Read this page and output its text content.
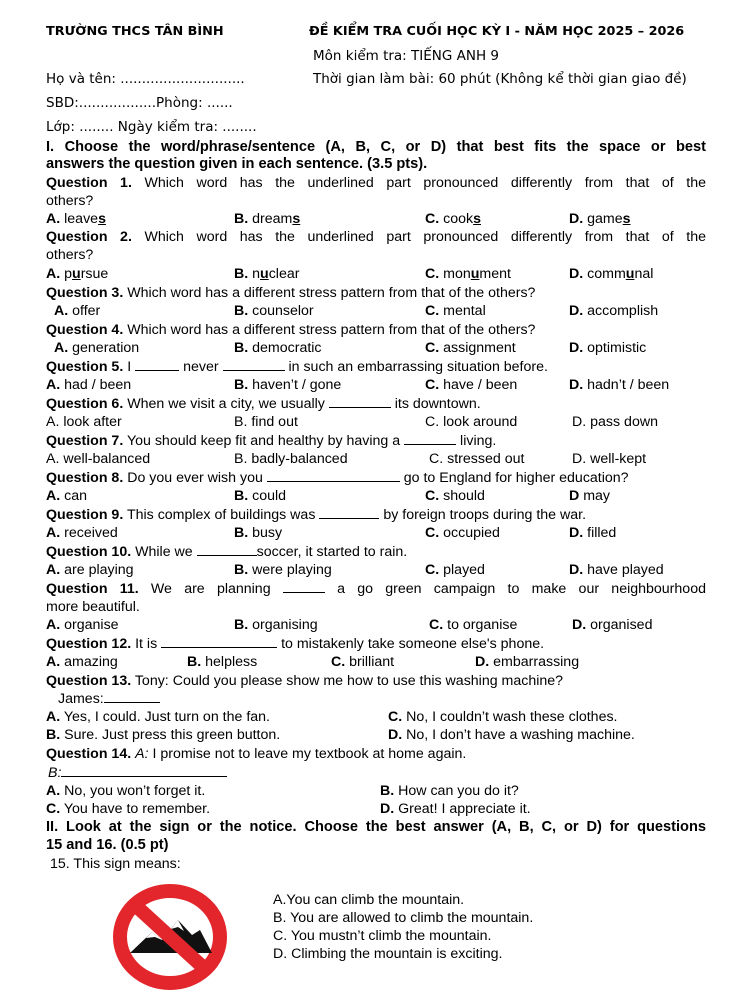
TRƯỜNG THCS TÂN BÌNH	ĐỀ KIỂM TRA CUỐI HỌC KỲ I - NĂM HỌC 2025 – 2026
Môn kiểm tra: TIẾNG ANH 9
Họ và tên: .............................	Thời gian làm bài: 60 phút (Không kể thời gian giao đề)
SBD:..................Phòng: ......
Lớp: ........ Ngày kiểm tra: ........
I. Choose the word/phrase/sentence (A, B, C, or D) that best fits the space or best
answers the question given in each sentence. (3.5 pts).
Question 1. Which word has the underlined part pronounced differently from that of the
others?
A. leaves	B. dreams	C. cooks	D. games
Question 2. Which word has the underlined part pronounced differently from that of the
others?
A. pursue	B. nuclear	C. monument	D. communal
Question 3. Which word has a different stress pattern from that of the others?
A. offer	B. counselor	C. mental	D. accomplish
Question 4. Which word has a different stress pattern from that of the others?
A. generation	B. democratic	C. assignment	D. optimistic
Question 5. I	never	in such an embarrassing situation before.
A. had / been	B. haven’t / gone	C. have / been	D. hadn’t / been
Question 6. When we visit a city, we usually	its downtown.
A. look after	B. find out	C. look around	D. pass down
Question 7. You should keep fit and healthy by having a	living.
A. well-balanced	B. badly-balanced	C. stressed out	D. well-kept
Question 8. Do you ever wish you	go to England for higher education?
A. can	B. could	C. should	D may
Question 9. This complex of buildings was	by foreign troops during the war.
A. received	B. busy	C. occupied	D. filled
Question 10. While we	soccer, it started to rain.
A. are playing	B. were playing	C. played	D. have played
Question 11. We are planning	a go green campaign to make our neighbourhood
more beautiful.
A. organise	B. organising	C. to organise	D. organised
Question 12. It is	to mistakenly take someone else's phone.
A. amazing	B. helpless	C. brilliant	D. embarrassing
Question 13. Tony: Could you please show me how to use this washing machine?
James:
A. Yes, I could. Just turn on the fan.	C. No, I couldn’t wash these clothes.
B. Sure. Just press this green button.	D. No, I don’t have a washing machine.
Question 14. A: I promise not to leave my textbook at home again.
B:
A. No, you won’t forget it.	B. How can you do it?
C. You have to remember.	D. Great! I appreciate it.
II. Look at the sign or the notice. Choose the best answer (A, B, C, or D) for questions
15 and 16. (0.5 pt)
15. This sign means:
A.You can climb the mountain.
B. You are allowed to climb the mountain.
C. You mustn’t climb the mountain.
D. Climbing the mountain is exciting.
